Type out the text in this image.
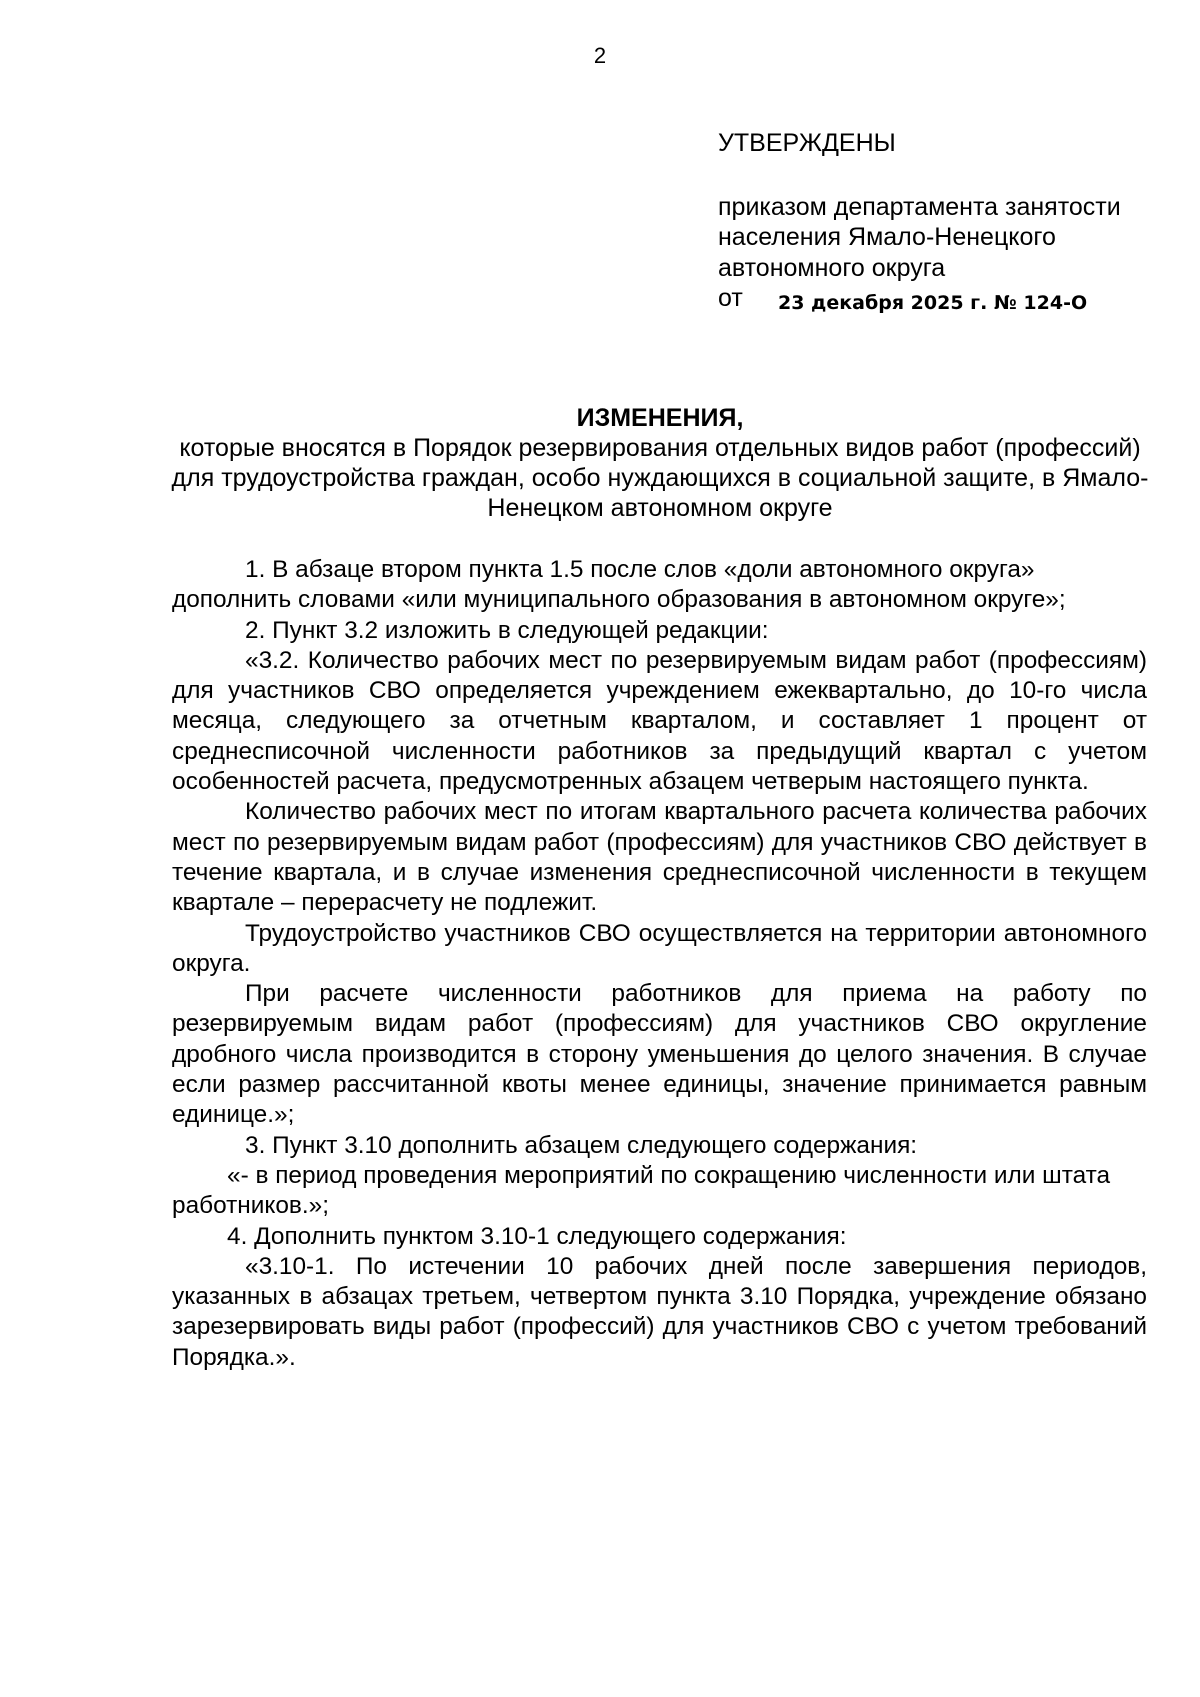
2
УТВЕРЖДЕНЫ
приказом департамента занятости
населения Ямало-Ненецкого
автономного округа
от 23 декабря 2025 г. № 124-О
ИЗМЕНЕНИЯ,
которые вносятся в Порядок резервирования отдельных видов работ (профессий) для трудоустройства граждан, особо нуждающихся в социальной защите, в Ямало-Ненецком автономном округе

1. В абзаце втором пункта 1.5 после слов «доли автономного округа» дополнить словами «или муниципального образования в автономном округе»;

2. Пункт 3.2 изложить в следующей редакции:

«3.2. Количество рабочих мест по резервируемым видам работ (профессиям) для участников СВО определяется учреждением ежеквартально, до 10-го числа месяца, следующего за отчетным кварталом, и составляет 1 процент от среднесписочной численности работников за предыдущий квартал с учетом особенностей расчета, предусмотренных абзацем четверым настоящего пункта.

Количество рабочих мест по итогам квартального расчета количества рабочих мест по резервируемым видам работ (профессиям) для участников СВО действует в течение квартала, и в случае изменения среднесписочной численности в текущем квартале – перерасчету не подлежит.

Трудоустройство участников СВО осуществляется на территории автономного округа.

При расчете численности работников для приема на работу по резервируемым видам работ (профессиям) для участников СВО округление дробного числа производится в сторону уменьшения до целого значения. В случае если размер рассчитанной квоты менее единицы, значение принимается равным единице.»;

3. Пункт 3.10 дополнить абзацем следующего содержания:

«- в период проведения мероприятий по сокращению численности или штата работников.»;

4. Дополнить пунктом 3.10-1 следующего содержания:

«3.10-1. По истечении 10 рабочих дней после завершения периодов, указанных в абзацах третьем, четвертом пункта 3.10 Порядка, учреждение обязано зарезервировать виды работ (профессий) для участников СВО с учетом требований Порядка.».
